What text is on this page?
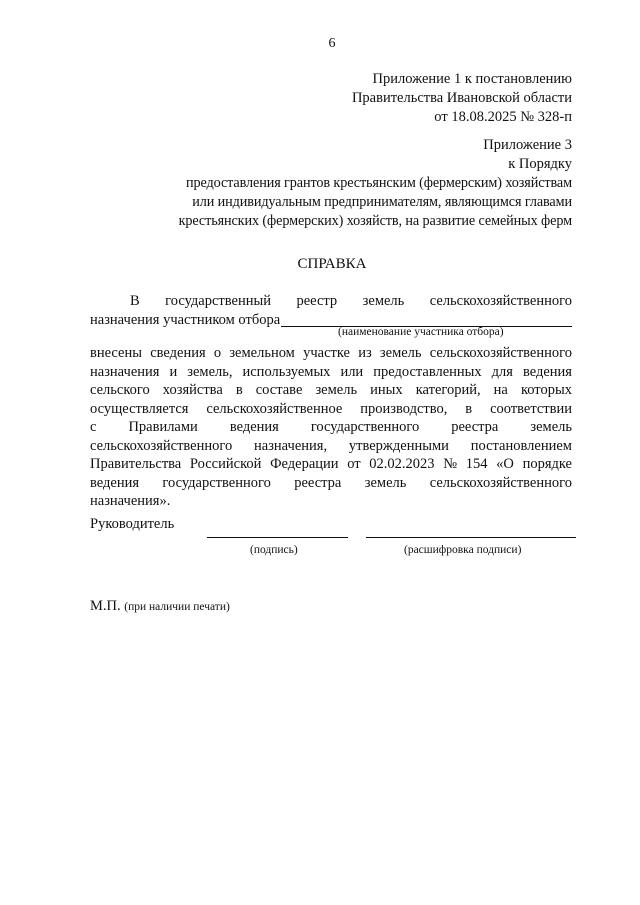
6
Приложение 1 к постановлению
Правительства Ивановской области
от 18.08.2025 № 328-п
Приложение 3
к Порядку
предоставления грантов крестьянским (фермерским) хозяйствам
или индивидуальным предпринимателям, являющимся главами
крестьянских (фермерских) хозяйств, на развитие семейных ферм
СПРАВКА
В государственный реестр земель сельскохозяйственного
назначения участником отбора
(наименование участника отбора)
внесены сведения о земельном участке из земель сельскохозяйственного
назначения и земель, используемых или предоставленных для ведения
сельского хозяйства в составе земель иных категорий, на которых
осуществляется сельскохозяйственное производство, в соответствии
с Правилами ведения государственного реестра земель
сельскохозяйственного назначения, утвержденными постановлением
Правительства Российской Федерации от 02.02.2023 № 154 «О порядке
ведения государственного реестра земель сельскохозяйственного
назначения».
Руководитель
(подпись)	(расшифровка подписи)
М.П. (при наличии печати)
